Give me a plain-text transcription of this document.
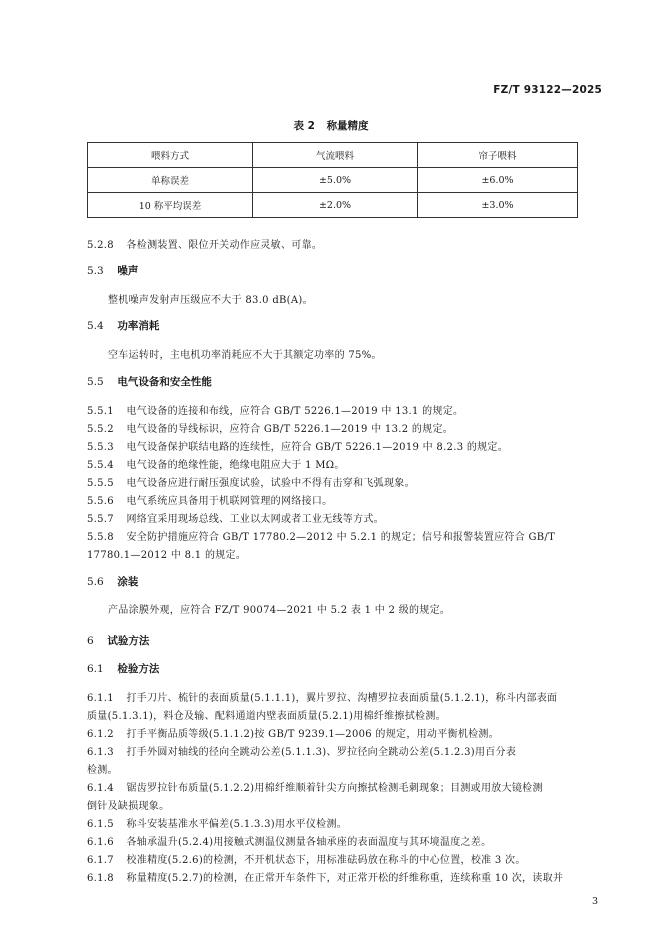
FZ/T 93122—2025
表 2 称量精度
喂料方式	气流喂料	帘子喂料
单称误差	±5.0%	±6.0%
10 称平均误差	±2.0%	±3.0%
5.2.8 各检测装置、限位开关动作应灵敏、可靠。
5.3 噪声
整机噪声发射声压级应不大于 83.0 dB(A)。
5.4 功率消耗
空车运转时，主电机功率消耗应不大于其额定功率的 75%。
5.5 电气设备和安全性能
5.5.1 电气设备的连接和布线，应符合 GB/T 5226.1—2019 中 13.1 的规定。
5.5.2 电气设备的导线标识，应符合 GB/T 5226.1—2019 中 13.2 的规定。
5.5.3 电气设备保护联结电路的连续性，应符合 GB/T 5226.1—2019 中 8.2.3 的规定。
5.5.4 电气设备的绝缘性能，绝缘电阻应大于 1 MΩ。
5.5.5 电气设备应进行耐压强度试验，试验中不得有击穿和飞弧现象。
5.5.6 电气系统应具备用于机联网管理的网络接口。
5.5.7 网络宜采用现场总线、工业以太网或者工业无线等方式。
5.5.8 安全防护措施应符合 GB/T 17780.2—2012 中 5.2.1 的规定；信号和报警装置应符合 GB/T
17780.1—2012 中 8.1 的规定。
5.6 涂装
产品涂膜外观，应符合 FZ/T 90074—2021 中 5.2 表 1 中 2 级的规定。
6 试验方法
6.1 检验方法
6.1.1 打手刀片、梳针的表面质量(5.1.1.1)，翼片罗拉、沟槽罗拉表面质量(5.1.2.1)，称斗内部表面
质量(5.1.3.1)，料仓及输、配料通道内壁表面质量(5.2.1)用棉纤维擦拭检测。
6.1.2 打手平衡品质等级(5.1.1.2)按 GB/T 9239.1—2006 的规定，用动平衡机检测。
6.1.3 打手外圆对轴线的径向全跳动公差(5.1.1.3)、罗拉径向全跳动公差(5.1.2.3)用百分表
检测。
6.1.4 锯齿罗拉针布质量(5.1.2.2)用棉纤维顺着针尖方向擦拭检测毛刺现象；目测或用放大镜检测
倒针及缺损现象。
6.1.5 称斗安装基准水平偏差(5.1.3.3)用水平仪检测。
6.1.6 各轴承温升(5.2.4)用接触式测温仪测量各轴承座的表面温度与其环境温度之差。
6.1.7 校准精度(5.2.6)的检测，不开机状态下，用标准砝码放在称斗的中心位置，校准 3 次。
6.1.8 称量精度(5.2.7)的检测，在正常开车条件下，对正常开松的纤维称重，连续称重 10 次，读取并
3
